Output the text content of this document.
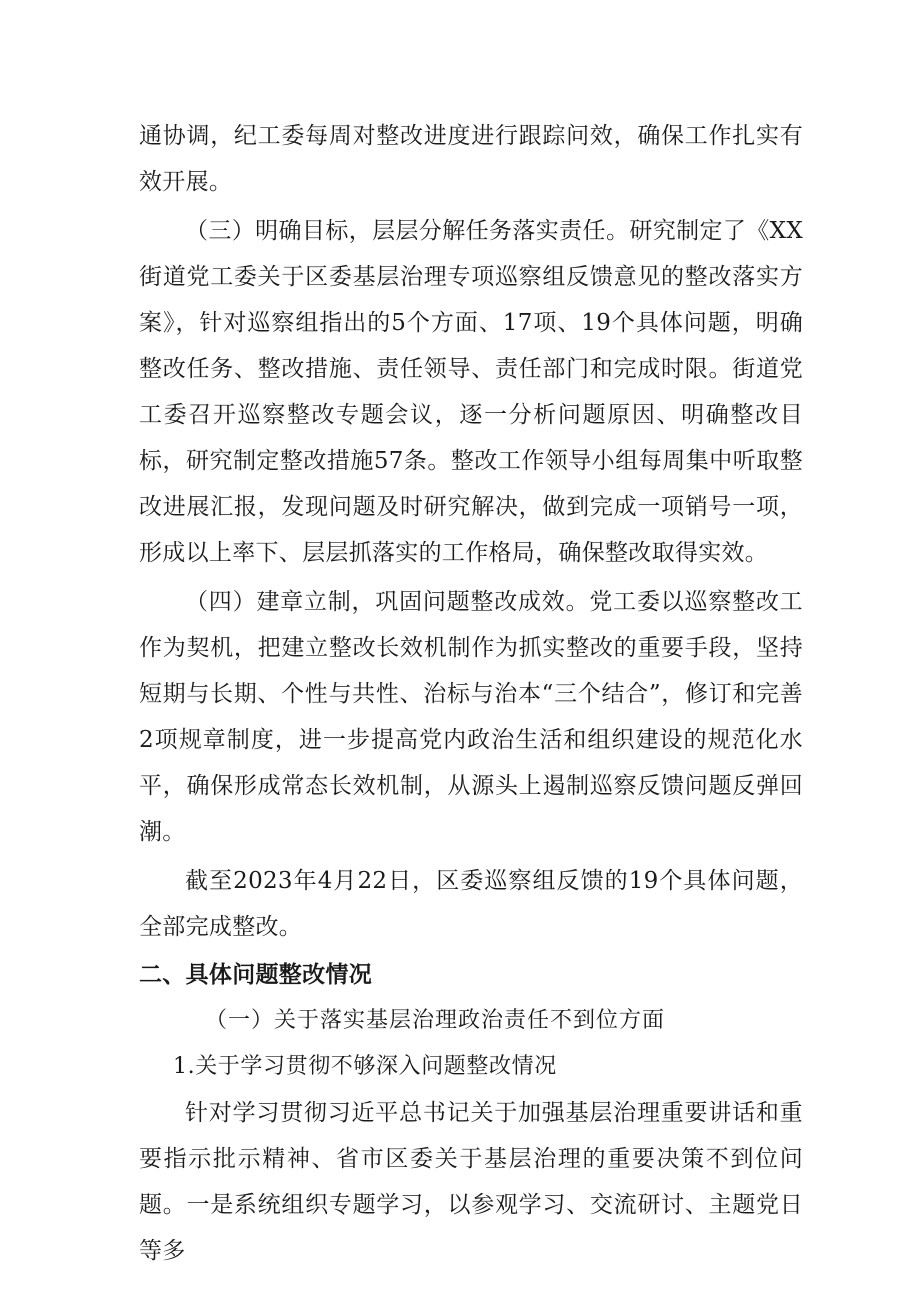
通协调，纪工委每周对整改进度进行跟踪问效，确保工作扎实有效开展。

（三）明确目标，层层分解任务落实责任。研究制定了《XX街道党工委关于区委基层治理专项巡察组反馈意见的整改落实方案》，针对巡察组指出的5个方面、17项、19个具体问题，明确整改任务、整改措施、责任领导、责任部门和完成时限。街道党工委召开巡察整改专题会议，逐一分析问题原因、明确整改目标，研究制定整改措施57条。整改工作领导小组每周集中听取整改进展汇报，发现问题及时研究解决，做到完成一项销号一项，形成以上率下、层层抓落实的工作格局，确保整改取得实效。

（四）建章立制，巩固问题整改成效。党工委以巡察整改工作为契机，把建立整改长效机制作为抓实整改的重要手段，坚持短期与长期、个性与共性、治标与治本“三个结合”，修订和完善2项规章制度，进一步提高党内政治生活和组织建设的规范化水平，确保形成常态长效机制，从源头上遏制巡察反馈问题反弹回潮。

截至2023年4月22日，区委巡察组反馈的19个具体问题，全部完成整改。

二、具体问题整改情况

（一）关于落实基层治理政治责任不到位方面

1.关于学习贯彻不够深入问题整改情况

针对学习贯彻习近平总书记关于加强基层治理重要讲话和重要指示批示精神、省市区委关于基层治理的重要决策不到位问题。一是系统组织专题学习，以参观学习、交流研讨、主题党日等多
